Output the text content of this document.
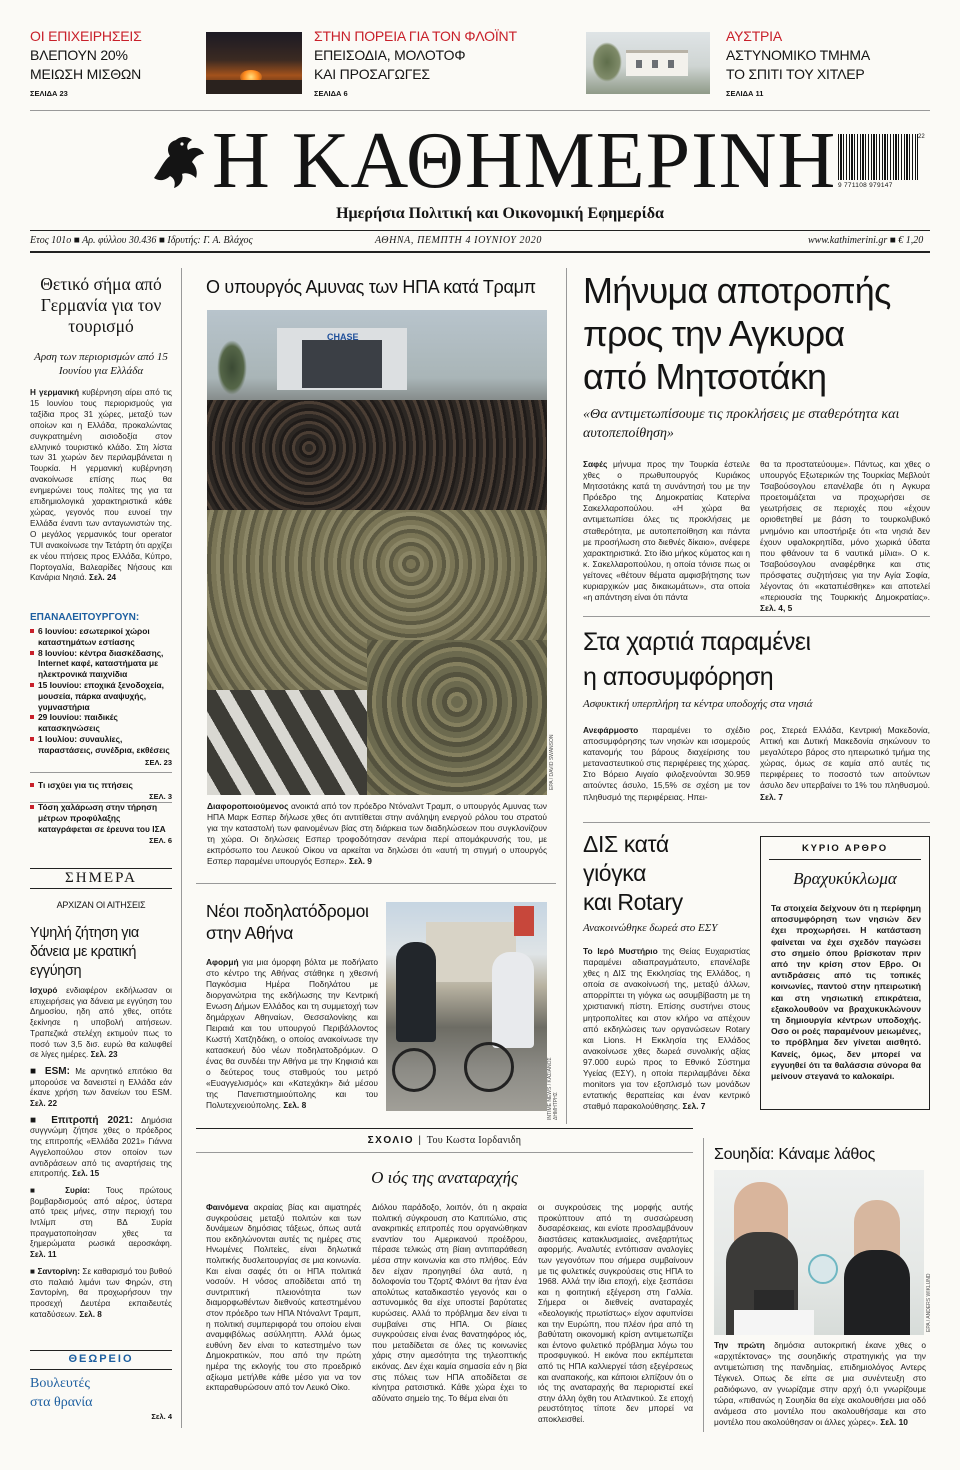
ΟΙ ΕΠΙΧΕΙΡΗΣΕΙΣ
ΒΛΕΠΟΥΝ 20%
ΜΕΙΩΣΗ ΜΙΣΘΩΝ
ΣΕΛΙΔΑ 23
ΣΤΗΝ ΠΟΡΕΙΑ ΓΙΑ ΤΟΝ ΦΛΟΪΝΤ
ΕΠΕΙΣΟΔΙΑ, ΜΟΛΟΤΟΦ
ΚΑΙ ΠΡΟΣΑΓΩΓΕΣ
ΣΕΛΙΔΑ 6
ΑΥΣΤΡΙΑ
ΑΣΤΥΝΟΜΙΚΟ ΤΜΗΜΑ
ΤΟ ΣΠΙΤΙ ΤΟΥ ΧΙΤΛΕΡ
ΣΕΛΙΔΑ 11
Η ΚΑΘΗΜΕΡΙΝΗ
Ημερήσια Πολιτική και Οικονομική Εφημερίδα
22
9 771108 979147
Ετος 101ο ■ Αρ. φύλλου 30.436 ■ Ιδρυτής: Γ. Α. Βλάχος	ΑΘΗΝΑ, ΠΕΜΠΤΗ 4 ΙΟΥΝΙΟΥ 2020	www.kathimerini.gr ■ € 1,20
Θετικό σήμα από Γερμανία για τον τουρισμό
Αρση των περιορισμών από 15 Ιουνίου για Ελλάδα
Η γερμανική κυβέρνηση αίρει από τις 15 Ιουνίου τους περιορισμούς για ταξίδια προς 31 χώρες, μεταξύ των οποίων και η Ελλάδα, προκαλώντας συγκρατημένη αισιοδοξία στον ελληνικό τουριστικό κλάδο. Στη λίστα των 31 χωρών δεν περιλαμβάνεται η Τουρκία. Η γερμανική κυβέρνηση ανακοίνωσε επίσης πως θα ενημερώνει τους πολίτες της για τα επιδημιολογικά χαρακτηριστικά κάθε χώρας, γεγονός που ευνοεί την Ελλάδα έναντι των ανταγωνιστών της. Ο μεγάλος γερμανικός tour operator TUI ανακοίνωσε την Τετάρτη ότι αρχίζει εκ νέου πτήσεις προς Ελλάδα, Κύπρο, Πορτογαλία, Βαλεαρίδες Νήσους και Κανάρια Νησιά. Σελ. 24
ΕΠΑΝΑΛΕΙΤΟΥΡΓΟΥΝ:
6 Ιουνίου: εσωτερικοί χώροι καταστημάτων εστίασης
8 Ιουνίου: κέντρα διασκέδασης, Internet καφέ, καταστήματα με ηλεκτρονικά παιχνίδια
15 Ιουνίου: εποχικά ξενοδοχεία, μουσεία, πάρκα αναψυχής, γυμναστήρια
29 Ιουνίου: παιδικές κατασκηνώσεις
1 Ιουλίου: συναυλίες, παραστάσεις, συνέδρια, εκθέσεις
ΣΕΛ. 23
Τι ισχύει για τις πτήσεις
ΣΕΛ. 3
Τόση χαλάρωση στην τήρηση μέτρων προφύλαξης καταγράφεται σε έρευνα του ΙΣΑ
ΣΕΛ. 6
ΣΗΜΕΡΑ
ΑΡΧΙΖΑΝ ΟΙ ΑΙΤΗΣΕΙΣ
Υψηλή ζήτηση για δάνεια με κρατική εγγύηση
Ισχυρό ενδιαφέρον εκδήλωσαν οι επιχειρήσεις για δάνεια με εγγύηση του Δημοσίου, ηδη από χθες, οπότε ξεκίνησε η υποβολή αιτήσεων. Τραπεζικά στελέχη εκτιμούν πως το ποσό των 3,5 δισ. ευρώ θα καλυφθεί σε λίγες ημέρες. Σελ. 23
■ ESM: Με αρνητικό επιτόκιο θα μπορούσε να δανειστεί η Ελλάδα εάν έκανε χρήση των δανείων του ESM. Σελ. 22
■ Επιτροπή 2021: Δημόσια συγγνώμη ζήτησε χθες ο πρόεδρος της επιτροπής «Ελλάδα 2021» Γιάννα Αγγελοπούλου στον οποίον των αντιδράσεων από τις αναρτήσεις της επιτροπής. Σελ. 15
■ Συρία: Τους πρώτους βομβαρδισμούς από αέρος, ύστερα από τρεις μήνες, στην περιοχή του Ιντλίμπ στη ΒΔ Συρία πραγματοποίησαν χθες τα ξημερώματα ρωσικά αεροσκάφη. Σελ. 11
■ Σαντορίνη: Σε καθαρισμό του βυθού στο παλαιό λιμάνι των Φηρών, στη Σαντορίνη, θα προχωρήσουν την προσεχή Δευτέρα εκπαιδευτές καταδύσεων. Σελ. 8
ΘΕΩΡΕΙΟ
Βουλευτές
στα θρανία
Σελ. 4
Ο υπουργός Αμυνας των ΗΠΑ κατά Τραμπ
CHASE
EPA / DAVID SWANSON
Διαφοροποιούμενος ανοικτά από τον πρόεδρο Ντόναλντ Τραμπ, ο υπουργός Αμυνας των ΗΠΑ Μαρκ Εσπερ δήλωσε χθες ότι αντιτίθεται στην ανάληψη ενεργού ρόλου του στρατού για την καταστολή των φαινομένων βίας στη διάρκεια των διαδηλώσεων που συγκλονίζουν τη χώρα. Οι δηλώσεις Εσπερ τροφοδότησαν σενάρια περί απομάκρυνσής του, με εκπρόσωπο του Λευκού Οίκου να αρκείται να δηλώσει ότι «αυτή τη στιγμή ο υπουργός Εσπερ παραμένει υπουργός Εσπερ». Σελ. 9
Νέοι ποδηλατόδρομοι στην Αθήνα
Αφορμή για μια όμορφη βόλτα με ποδήλατο στο κέντρο της Αθήνας στάθηκε η χθεσινή Παγκόσμια Ημέρα Ποδηλάτου με διοργανώτρια της εκδήλωσης την Κεντρική Ενωση Δήμων Ελλάδος και τη συμμετοχή των δημάρχων Αθηναίων, Θεσσαλονίκης και Πειραιά και του υπουργού Περιβάλλοντος Κωστή Χατζηδάκη, ο οποίος ανακοίνωσε την κατασκευή δύο νέων ποδηλατοδρόμων. Ο ένας θα συνδέει την Αθήνα με την Κηφισιά και ο δεύτερος τους σταθμούς του μετρό «Ευαγγελισμός» και «Κατεχάκη» διά μέσου της Πανεπιστημιούπολης και του Πολυτεχνειούπολης. Σελ. 8	INTIME NEWS / ΚΑΣΙΑΝΟΣ ΔΗΜΗΤΡΗΣ
Μήνυμα αποτροπής
προς την Αγκυρα
από Μητσοτάκη
«Θα αντιμετωπίσουμε τις προκλήσεις με σταθερότητα και αυτοπεποίθηση»
Σαφές μήνυμα προς την Τουρκία έστειλε χθες ο πρωθυπουργός Κυριάκος Μητσοτάκης κατά τη συνάντησή του με την Πρόεδρο της Δημοκρατίας Κατερίνα Σακελλαροπούλου. «Η χώρα θα αντιμετωπίσει όλες τις προκλήσεις με σταθερότητα, με αυτοπεποίθηση και πάντα με προσήλωση στο διεθνές δίκαιο», ανέφερε χαρακτηριστικά. Στο ίδιο μήκος κύματος και η κ. Σακελλαροπούλου, η οποία τόνισε πως οι γείτονες «θέτουν θέματα αμφισβήτησης των κυριαρχικών μας δικαιωμάτων», στα οποία «η απάντηση είναι ότι πάντα
θα τα προστατεύουμε». Πάντως, και χθες ο υπουργός Εξωτερικών της Τουρκίας Μεβλούτ Τσαβούσογλου επανέλαβε ότι η Αγκυρα προετοιμάζεται να προχωρήσει σε γεωτρήσεις σε περιοχές που «έχουν οριοθετηθεί με βάση το τουρκολιβυκό μνημόνιο και υποστήριξε ότι «τα νησιά δεν έχουν υφαλοκρηπίδα, μόνο χωρικά ύδατα που φθάνουν τα 6 ναυτικά μίλια». Ο κ. Τσαβούσογλου αναφέρθηκε και στις πρόσφατες συζητήσεις για την Αγία Σοφία, λέγοντας ότι «καταπιέσθηκε» και αποτελεί «περιουσία της Τουρκικής Δημοκρατίας». Σελ. 4, 5
Στα χαρτιά παραμένει
η αποσυμφόρηση
Ασφυκτική υπερπλήρη τα κέντρα υποδοχής στα νησιά
Ανεφάρμοστο παραμένει το σχέδιο αποσυμφόρησης των νησιών και ισομερούς κατανομής του βάρους διαχείρισης του μεταναστευτικού στις περιφέρειες της χώρας. Στο Βόρειο Αιγαίο φιλοξενούνται 30.959 αιτούντες άσυλο, 15,5% σε σχέση με τον πληθυσμό της περιφέρειας. Ηπει-
ρος, Στερεά Ελλάδα, Κεντρική Μακεδονία, Αττική και Δυτική Μακεδονία σηκώνουν το μεγαλύτερο βάρος στο ηπειρωτικό τμήμα της χώρας, όμως σε καμία από αυτές τις περιφέρειες το ποσοστό των αιτούντων άσυλο δεν υπερβαίνει το 1% του πληθυσμού. Σελ. 7
ΔΙΣ κατά
γιόγκα
και Rotary
Ανακοινώθηκε δωρεά στο ΕΣΥ
Το Ιερό Μυστήριο της Θείας Ευχαριστίας παραμένει αδιαπραγμάτευτο, επανέλαβε χθες η ΔΙΣ της Εκκλησίας της Ελλάδος, η οποία σε ανακοίνωσή της, μεταξύ άλλων, απορρίπτει τη γιόγκα ως ασυμβίβαστη με τη χριστιανική πίστη. Επίσης συστήνει στους μητροπολίτες και στον κλήρο να απέχουν από εκδηλώσεις των οργανώσεων Rotary και Lions. Η Εκκλησία της Ελλάδος ανακοίνωσε χθες δωρεά συνολικής αξίας 97.000 ευρώ προς το Εθνικό Σύστημα Υγείας (ΕΣΥ), η οποία περιλαμβάνει δέκα monitors για τον εξοπλισμό των μονάδων εντατικής θεραπείας και έναν κεντρικό σταθμό παρακολούθησης. Σελ. 7
ΚΥΡΙΟ ΑΡΘΡΟ
Βραχυκύκλωμα
Τα στοιχεία δείχνουν ότι η περίφημη αποσυμφόρηση των νησιών δεν έχει προχωρήσει. Η κατάσταση φαίνεται να έχει σχεδόν παγώσει στο σημείο όπου βρίσκοταν πριν από την κρίση στον Εβρο. Οι αντιδράσεις από τις τοπικές κοινωνίες, παντού στην ηπειρωτική και στη νησιωτική επικράτεια, εξακολουθούν να βραχυκυκλώνουν τη δημιουργία κέντρων υποδοχής. Οσο οι ροές παραμένουν μειωμένες, το πρόβλημα δεν γίνεται αισθητό. Κανείς, όμως, δεν μπορεί να εγγυηθεί ότι τα θαλάσσια σύνορα θα μείνουν στεγανά το καλοκαίρι.
ΣΧΟΛΙΟ | Του Κωστα Ιορδανιδη
Ο ιός της αναταραχής
Φαινόμενα ακραίας βίας και αιματηρές συγκρούσεις μεταξύ πολιτών και των δυνάμεων δημόσιας τάξεως, όπως αυτά που εκδηλώνονται αυτές τις ημέρες στις Ηνωμένες Πολιτείες, είναι δηλωτικά πολιτικής δυσλειτουργίας σε μια κοινωνία. Και είναι σαφές ότι οι ΗΠΑ πολιτικά νοσούν. Η νόσος αποδίδεται από τη συντριπτική πλειονότητα των διαμορφωθέντων διεθνούς κατεστημένου στον πρόεδρο των ΗΠΑ Ντόναλντ Τραμπ, η πολιτική συμπεριφορά του οποίου είναι αναμφιβόλως ασύλληπτη. Αλλά όμως ευθύνη δεν είναι το κατεστημένο των Δημοκρατικών, που από την πρώτη ημέρα της εκλογής του στο προεδρικό αξίωμα μετήλθε κάθε μέσο για να τον εκπαραθυρώσουν από τον Λευκό Οίκο.
Διόλου παράδοξο, λοιπόν, ότι η ακραία πολιτική σύγκρουση στο Καπιτώλιο, στις ανακριτικές επιτροπές που οργανώθηκαν εναντίον του Αμερικανού προέδρου, πέρασε τελικώς στη βίαιη αντιπαράθεση μέσα στην κοινωνία και στο πλήθος. Εάν δεν είχαν προηγηθεί όλα αυτά, η δολοφονία του Τζορτζ Φλόιντ θα ήταν ένα απολύτως καταδικαστέο γεγονός και ο αστυνομικός θα είχε υποστεί βαρύτατες κυρώσεις. Αλλά το πρόβλημα δεν είναι τι συμβαίνει στις ΗΠΑ. Οι βίαιες συγκρούσεις είναι ένας θανατηφόρος ιός, που μεταδίδεται σε όλες τις κοινωνίες χάρις στην αμεσότητα της τηλεοπτικής εικόνας. Δεν έχει καμία σημασία εάν η βία στις πόλεις των ΗΠΑ αποδίδεται σε κίνητρα ρατσιστικά. Κάθε χώρα έχει το αδύνατο σημείο της. Το θέμα είναι ότι
οι συγκρούσεις της μορφής αυτής προκύπτουν από τη συσσώρευση δυσαρέσκειας, και ενίοτε προσλαμβάνουν διαστάσεις κατακλυσμιαίες, ανεξαρτήτως αφορμής. Αναλυτές εντόπισαν αναλογίες των γεγονότων που σήμερα συμβαίνουν με τις φυλετικές συγκρούσεις στις ΗΠΑ το 1968. Αλλά την ίδια εποχή, είχε ξεσπάσει και η φοιτητική εξέγερση στη Γαλλία. Σήμερα οι διεθνείς αναταραχές «δεολογικής πρωτίστως» είχον αφυπνίσει και την Ευρώπη, που πλέον ήρα από τη βαθύτατη οικονομική κρίση αντιμετωπίζει και έντονο φυλετικό πρόβλημα λόγω του προσφυγικού. Η εικόνα που εκπέμπεται από τις ΗΠΑ καλλιεργεί τάση εξεγέρσεως και αναπακοής, και κάποιοι ελπίζουν ότι ο ιός της αναταραχής θα περιοριστεί εκεί στην άλλη όχθη του Ατλαντικού. Σε εποχή ρευστότητος τίποτε δεν μπορεί να αποκλεισθεί.
Σουηδία: Κάναμε λάθος
EPA / ANDERS WIKLUND
Την πρώτη δημόσια αυτοκριτική έκανε χθες ο «αρχιτέκτονας» της σουηδικής στρατηγικής για την αντιμετώπιση της πανδημίας, επιδημιολόγος Αντερς Τέγκνελ. Οπως δε είπε σε μια συνέντευξη στο ραδιόφωνο, αν γνωρίζαμε στην αρχή ό,τι γνωρίζουμε τώρα, «πιθανώς η Σουηδία θα είχε ακολουθήσει μια οδό ανάμεσα στο μοντέλο που ακολουθήσαμε και στο μοντέλο που ακολούθησαν οι άλλες χώρες». Σελ. 10
